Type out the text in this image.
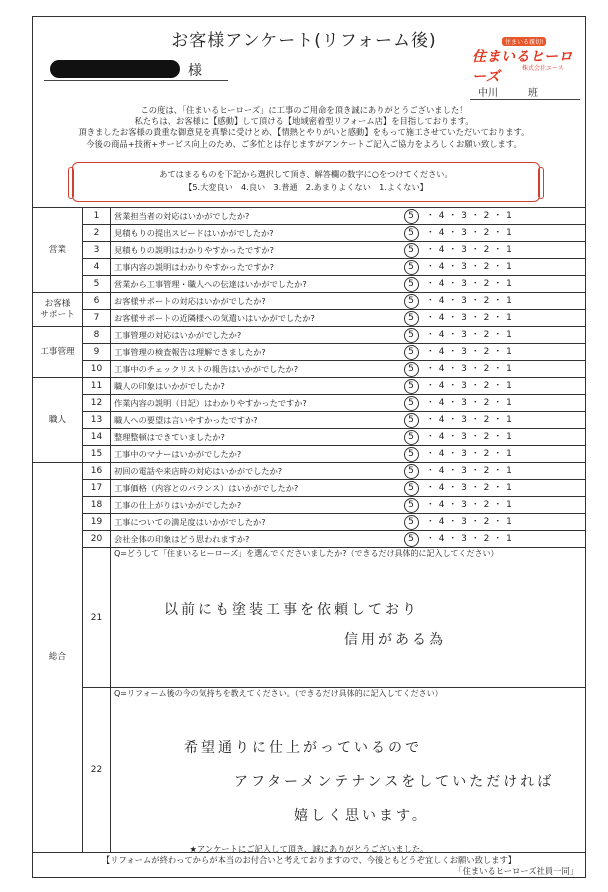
お客様アンケート(リフォーム後)	住まいる親切!
住まいるヒーローズ
株式会社エース
様
中川　　　班
この度は、「住まいるヒーローズ」に工事のご用命を頂き誠にありがとうございました！
私たちは、お客様に【感動】して頂ける【地域密着型リフォーム店】を目指しております。
頂きましたお客様の貴重な御意見を真摯に受けとめ、【情熱とやりがいと感動】をもって施工させていただいております。
今後の商品+技術+サービス向上のため、ご多忙とは存じますがアンケートご記入ご協力をよろしくお願い致します。
あてはまるものを下記から選択して頂き、解答欄の数字に○をつけてください。
【5.大変良い　4.良い　3.普通　2.あまりよくない　1.よくない】
営業	1	営業担当者の対応はいかがでしたか?	5 ・ 4 ・ 3 ・ 2 ・ 1
	2	見積もりの提出スピードはいかがでしたか?	5 ・ 4 ・ 3 ・ 2 ・ 1
	3	見積もりの説明はわかりやすかったですか?	5 ・ 4 ・ 3 ・ 2 ・ 1
	4	工事内容の説明はわかりやすかったですか?	5 ・ 4 ・ 3 ・ 2 ・ 1
	5	営業から工事管理・職人への伝達はいかがでしたか?	5 ・ 4 ・ 3 ・ 2 ・ 1

お客様
サポート	6	お客様サポートの対応はいかがでしたか?	5 ・ 4 ・ 3 ・ 2 ・ 1
	7	お客様サポートの近隣様への気遣いはいかがでしたか?	5 ・ 4 ・ 3 ・ 2 ・ 1
工事管理	8	工事管理の対応はいかがでしたか?	5 ・ 4 ・ 3 ・ 2 ・ 1
	9	工事管理の検査報告は理解できましたか?	5 ・ 4 ・ 3 ・ 2 ・ 1
	10	工事中のチェックリストの報告はいかがでしたか?	5 ・ 4 ・ 3 ・ 2 ・ 1
職人	11	職人の印象はいかがでしたか?	5 ・ 4 ・ 3 ・ 2 ・ 1
	12	作業内容の説明（日記）はわかりやすかったですか?	5 ・ 4 ・ 3 ・ 2 ・ 1
	13	職人への要望は言いやすかったですか?	5 ・ 4 ・ 3 ・ 2 ・ 1
	14	整理整頓はできていましたか?	5 ・ 4 ・ 3 ・ 2 ・ 1
	15	工事中のマナーはいかがでしたか?	5 ・ 4 ・ 3 ・ 2 ・ 1
総合	16	初回の電話や来店時の対応はいかがでしたか?	5 ・ 4 ・ 3 ・ 2 ・ 1
	17	工事価格（内容とのバランス）はいかがでしたか?	5 ・ 4 ・ 3 ・ 2 ・ 1
	18	工事の仕上がりはいかがでしたか?	5 ・ 4 ・ 3 ・ 2 ・ 1
	19	工事についての満足度はいかがでしたか?	5 ・ 4 ・ 3 ・ 2 ・ 1
	20	会社全体の印象はどう思われますか?	5 ・ 4 ・ 3 ・ 2 ・ 1
	21	Q=どうして「住まいるヒーローズ」を選んでくださいましたか?（できるだけ具体的に記入してください）
以前にも塗装工事を依頼しており
信用がある為	

	22	Q=リフォーム後の今の気持ちを教えてください。（できるだけ具体的に記入してください）
希望通りに仕上がっているので
アフターメンテナンスをしていただければ
嬉しく思います。	
★アンケートにご記入して頂き、誠にありがとうございました。
【リフォームが終わってからが本当のお付合いと考えておりますので、今後ともどうぞ宜しくお願い致します】
「住まいるヒーローズ社員一同」
